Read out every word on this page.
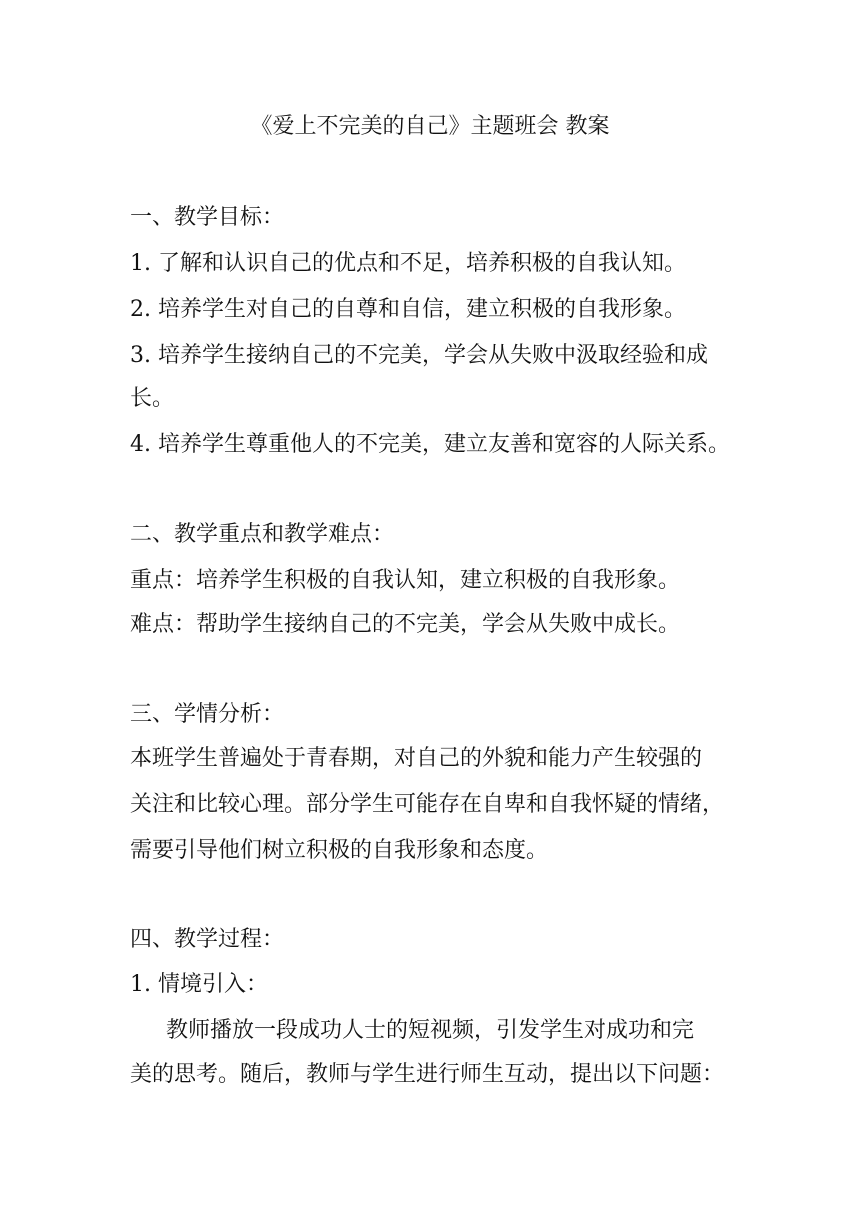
《爱上不完美的自己》主题班会 教案
一、教学目标：
1. 了解和认识自己的优点和不足，培养积极的自我认知。
2. 培养学生对自己的自尊和自信，建立积极的自我形象。
3. 培养学生接纳自己的不完美，学会从失败中汲取经验和成
长。
4. 培养学生尊重他人的不完美，建立友善和宽容的人际关系。
二、教学重点和教学难点：
重点：培养学生积极的自我认知，建立积极的自我形象。
难点：帮助学生接纳自己的不完美，学会从失败中成长。
三、学情分析：
本班学生普遍处于青春期，对自己的外貌和能力产生较强的
关注和比较心理。部分学生可能存在自卑和自我怀疑的情绪，
需要引导他们树立积极的自我形象和态度。
四、教学过程：
1. 情境引入：
教师播放一段成功人士的短视频，引发学生对成功和完
美的思考。随后，教师与学生进行师生互动，提出以下问题：
